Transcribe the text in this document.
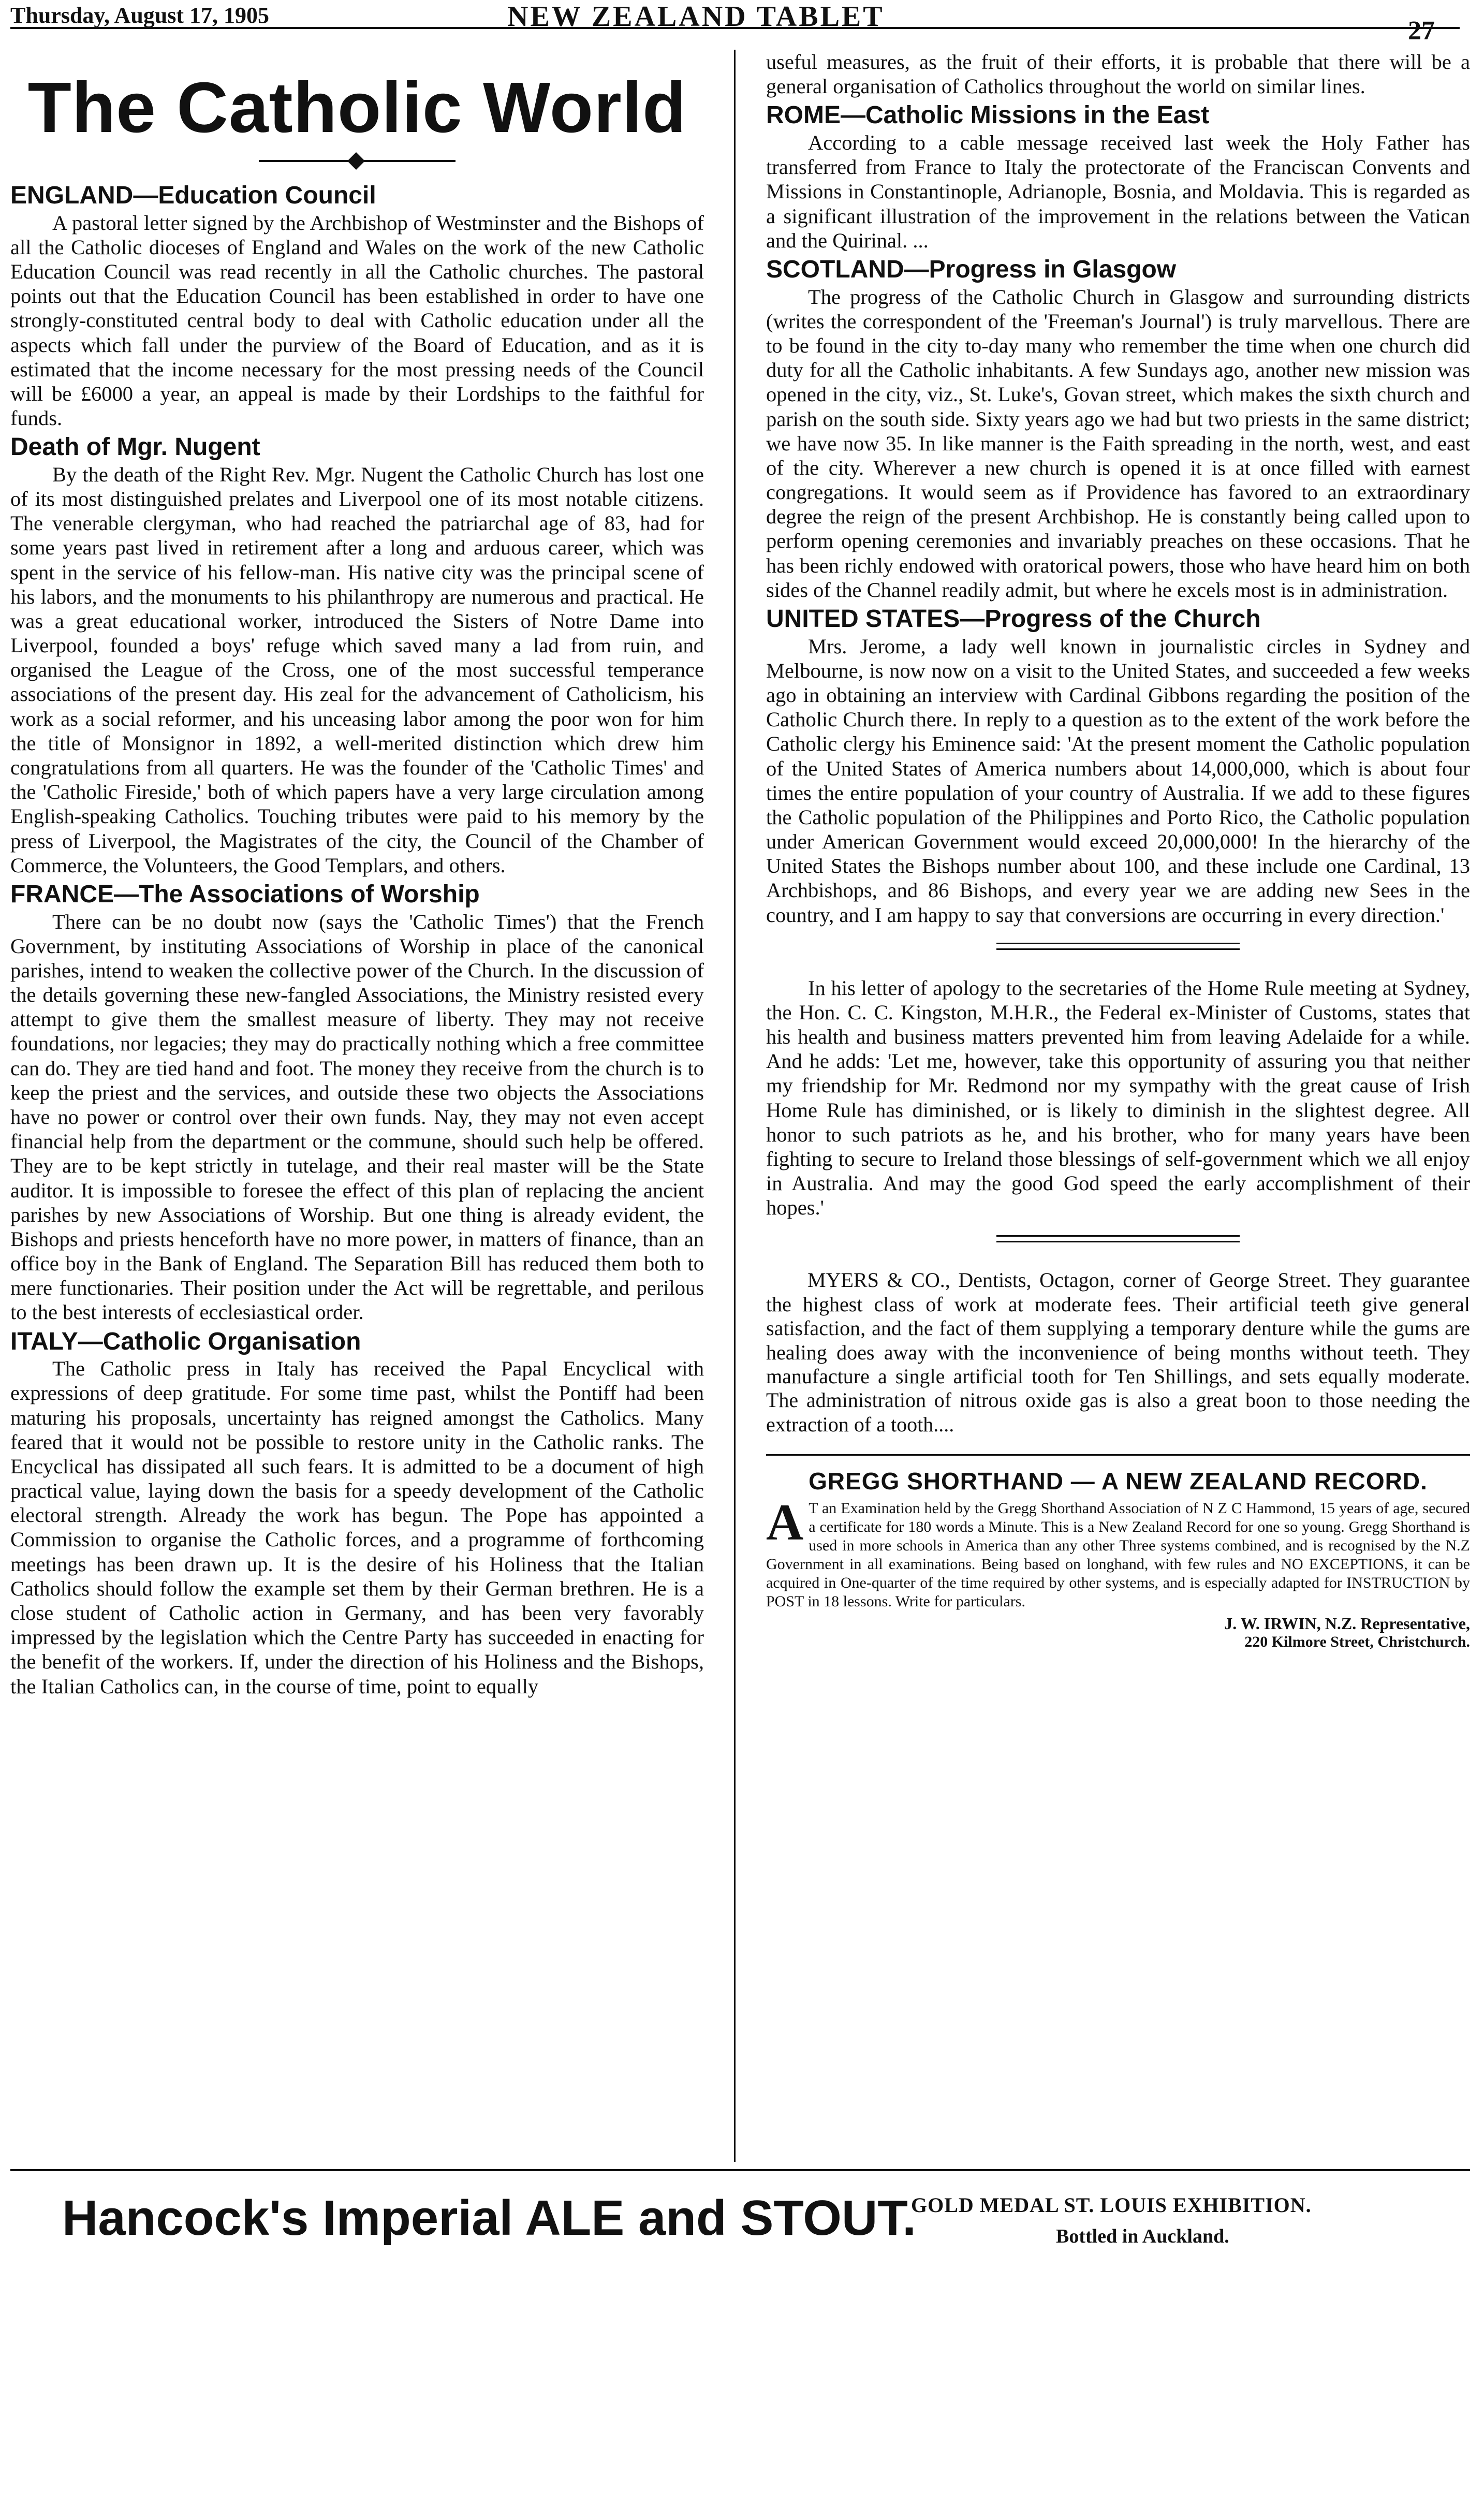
Thursday, August 17, 1905	NEW ZEALAND TABLET	27
The Catholic World
ENGLAND—Education Council

A pastoral letter signed by the Archbishop of Westminster and the Bishops of all the Catholic dioceses of England and Wales on the work of the new Catholic Education Council was read recently in all the Catholic churches. The pastoral points out that the Education Council has been established in order to have one strongly-constituted central body to deal with Catholic education under all the aspects which fall under the purview of the Board of Education, and as it is estimated that the income necessary for the most pressing needs of the Council will be £6000 a year, an appeal is made by their Lordships to the faithful for funds.

Death of Mgr. Nugent

By the death of the Right Rev. Mgr. Nugent the Catholic Church has lost one of its most distinguished prelates and Liverpool one of its most notable citizens. The venerable clergyman, who had reached the patriarchal age of 83, had for some years past lived in retirement after a long and arduous career, which was spent in the service of his fellow-man. His native city was the principal scene of his labors, and the monuments to his philanthropy are numerous and practical. He was a great educational worker, introduced the Sisters of Notre Dame into Liverpool, founded a boys' refuge which saved many a lad from ruin, and organised the League of the Cross, one of the most successful temperance associations of the present day. His zeal for the advancement of Catholicism, his work as a social reformer, and his unceasing labor among the poor won for him the title of Monsignor in 1892, a well-merited distinction which drew him congratulations from all quarters. He was the founder of the 'Catholic Times' and the 'Catholic Fireside,' both of which papers have a very large circulation among English-speaking Catholics. Touching tributes were paid to his memory by the press of Liverpool, the Magistrates of the city, the Council of the Chamber of Commerce, the Volunteers, the Good Templars, and others.

FRANCE—The Associations of Worship

There can be no doubt now (says the 'Catholic Times') that the French Government, by instituting Associations of Worship in place of the canonical parishes, intend to weaken the collective power of the Church. In the discussion of the details governing these new-fangled Associations, the Ministry resisted every attempt to give them the smallest measure of liberty. They may not receive foundations, nor legacies; they may do practically nothing which a free committee can do. They are tied hand and foot. The money they receive from the church is to keep the priest and the services, and outside these two objects the Associations have no power or control over their own funds. Nay, they may not even accept financial help from the department or the commune, should such help be offered. They are to be kept strictly in tutelage, and their real master will be the State auditor. It is impossible to foresee the effect of this plan of replacing the ancient parishes by new Associations of Worship. But one thing is already evident, the Bishops and priests henceforth have no more power, in matters of finance, than an office boy in the Bank of England. The Separation Bill has reduced them both to mere functionaries. Their position under the Act will be regrettable, and perilous to the best interests of ecclesiastical order.

ITALY—Catholic Organisation

The Catholic press in Italy has received the Papal Encyclical with expressions of deep gratitude. For some time past, whilst the Pontiff had been maturing his proposals, uncertainty has reigned amongst the Catholics. Many feared that it would not be possible to restore unity in the Catholic ranks. The Encyclical has dissipated all such fears. It is admitted to be a document of high practical value, laying down the basis for a speedy development of the Catholic electoral strength. Already the work has begun. The Pope has appointed a Commission to organise the Catholic forces, and a programme of forthcoming meetings has been drawn up. It is the desire of his Holiness that the Italian Catholics should follow the example set them by their German brethren. He is a close student of Catholic action in Germany, and has been very favorably impressed by the legislation which the Centre Party has succeeded in enacting for the benefit of the workers. If, under the direction of his Holiness and the Bishops, the Italian Catholics can, in the course of time, point to equally

useful measures, as the fruit of their efforts, it is probable that there will be a general organisation of Catholics throughout the world on similar lines.

ROME—Catholic Missions in the East

According to a cable message received last week the Holy Father has transferred from France to Italy the protectorate of the Franciscan Convents and Missions in Constantinople, Adrianople, Bosnia, and Moldavia. This is regarded as a significant illustration of the improvement in the relations between the Vatican and the Quirinal. ...

SCOTLAND—Progress in Glasgow

The progress of the Catholic Church in Glasgow and surrounding districts (writes the correspondent of the 'Freeman's Journal') is truly marvellous. There are to be found in the city to-day many who remember the time when one church did duty for all the Catholic inhabitants. A few Sundays ago, another new mission was opened in the city, viz., St. Luke's, Govan street, which makes the sixth church and parish on the south side. Sixty years ago we had but two priests in the same district; we have now 35. In like manner is the Faith spreading in the north, west, and east of the city. Wherever a new church is opened it is at once filled with earnest congregations. It would seem as if Providence has favored to an extraordinary degree the reign of the present Archbishop. He is constantly being called upon to perform opening ceremonies and invariably preaches on these occasions. That he has been richly endowed with oratorical powers, those who have heard him on both sides of the Channel readily admit, but where he excels most is in administration.

UNITED STATES—Progress of the Church

Mrs. Jerome, a lady well known in journalistic circles in Sydney and Melbourne, is now now on a visit to the United States, and succeeded a few weeks ago in obtaining an interview with Cardinal Gibbons regarding the position of the Catholic Church there. In reply to a question as to the extent of the work before the Catholic clergy his Eminence said: 'At the present moment the Catholic population of the United States of America numbers about 14,000,000, which is about four times the entire population of your country of Australia. If we add to these figures the Catholic population of the Philippines and Porto Rico, the Catholic population under American Government would exceed 20,000,000! In the hierarchy of the United States the Bishops number about 100, and these include one Cardinal, 13 Archbishops, and 86 Bishops, and every year we are adding new Sees in the country, and I am happy to say that conversions are occurring in every direction.'

In his letter of apology to the secretaries of the Home Rule meeting at Sydney, the Hon. C. C. Kingston, M.H.R., the Federal ex-Minister of Customs, states that his health and business matters prevented him from leaving Adelaide for a while. And he adds: 'Let me, however, take this opportunity of assuring you that neither my friendship for Mr. Redmond nor my sympathy with the great cause of Irish Home Rule has diminished, or is likely to diminish in the slightest degree. All honor to such patriots as he, and his brother, who for many years have been fighting to secure to Ireland those blessings of self-government which we all enjoy in Australia. And may the good God speed the early accomplishment of their hopes.'

MYERS & CO., Dentists, Octagon, corner of George Street. They guarantee the highest class of work at moderate fees. Their artificial teeth give general satisfaction, and the fact of them supplying a temporary denture while the gums are healing does away with the inconvenience of being months without teeth. They manufacture a single artificial tooth for Ten Shillings, and sets equally moderate. The administration of nitrous oxide gas is also a great boon to those needing the extraction of a tooth....

GREGG SHORTHAND — A NEW ZEALAND RECORD.

A T an Examination held by the Gregg Shorthand Association of N Z C Hammond, 15 years of age, secured a certificate for 180 words a Minute. This is a New Zealand Record for one so young. Gregg Shorthand is used in more schools in America than any other Three systems combined, and is recognised by the N.Z Government in all examinations. Being based on longhand, with few rules and NO EXCEPTIONS, it can be acquired in One-quarter of the time required by other systems, and is especially adapted for INSTRUCTION by POST in 18 lessons. Write for particulars.

J. W. IRWIN, N.Z. Representative,

220 Kilmore Street, Christchurch.

Hancock's Imperial ALE and STOUT.
GOLD MEDAL ST. LOUIS EXHIBITION.
Bottled in Auckland.
